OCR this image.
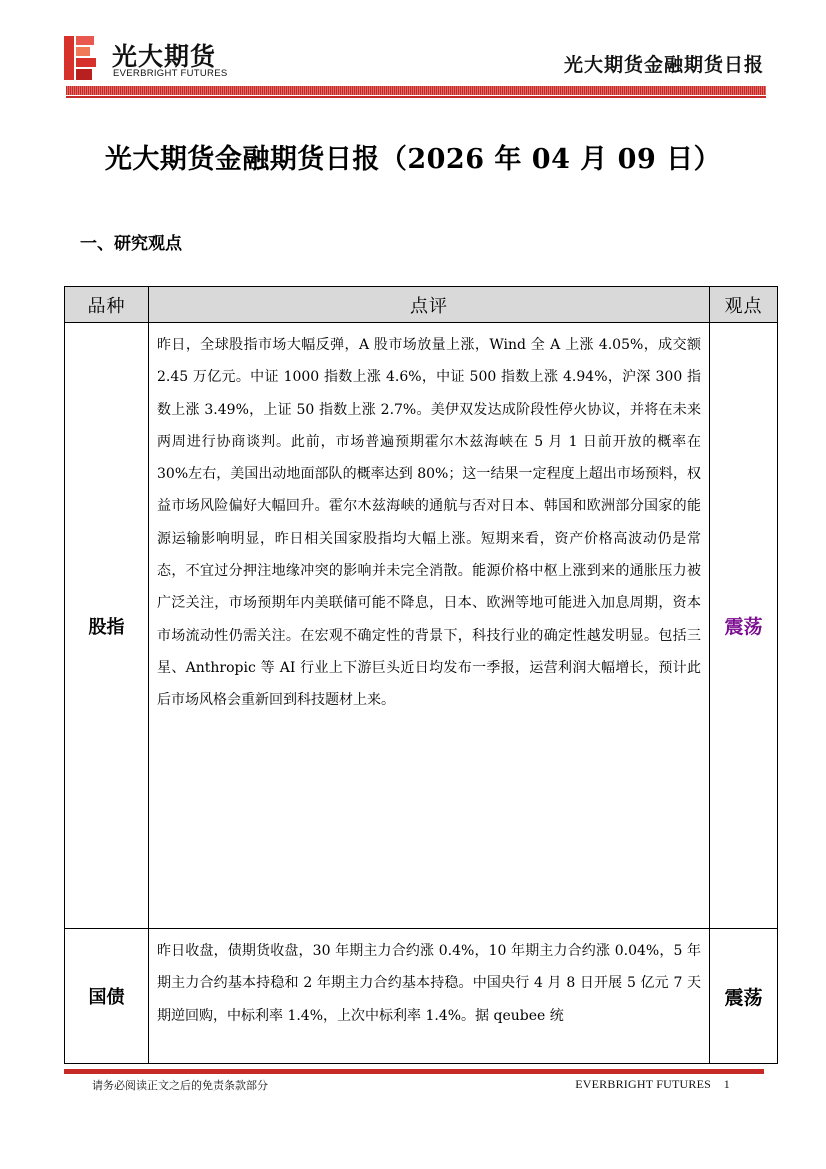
光大期货
EVERBRIGHT FUTURES	光大期货金融期货日报
光大期货金融期货日报（2026 年 04 月 09 日）
一、研究观点
品种	点评	观点
股指	昨日，全球股指市场大幅反弹，A 股市场放量上涨，Wind 全 A 上涨 4.05%，成交额 2.45 万亿元。中证 1000 指数上涨 4.6%，中证 500 指数上涨 4.94%，沪深 300 指数上涨 3.49%，上证 50 指数上涨 2.7%。美伊双发达成阶段性停火协议，并将在未来两周进行协商谈判。此前，市场普遍预期霍尔木兹海峡在 5 月 1 日前开放的概率在 30%左右，美国出动地面部队的概率达到 80%；这一结果一定程度上超出市场预料，权益市场风险偏好大幅回升。霍尔木兹海峡的通航与否对日本、韩国和欧洲部分国家的能源运输影响明显，昨日相关国家股指均大幅上涨。短期来看，资产价格高波动仍是常态，不宜过分押注地缘冲突的影响并未完全消散。能源价格中枢上涨到来的通胀压力被广泛关注，市场预期年内美联储可能不降息，日本、欧洲等地可能进入加息周期，资本市场流动性仍需关注。在宏观不确定性的背景下，科技行业的确定性越发明显。包括三星、Anthropic 等 AI 行业上下游巨头近日均发布一季报，运营利润大幅增长，预计此后市场风格会重新回到科技题材上来。	震荡
国债	昨日收盘，债期货收盘，30 年期主力合约涨 0.4%，10 年期主力合约涨 0.04%，5 年期主力合约基本持稳和 2 年期主力合约基本持稳。中国央行 4 月 8 日开展 5 亿元 7 天期逆回购，中标利率 1.4%，上次中标利率 1.4%。据 qeubee 统	震荡
请务必阅读正文之后的免责条款部分	EVERBRIGHT FUTURES 1
